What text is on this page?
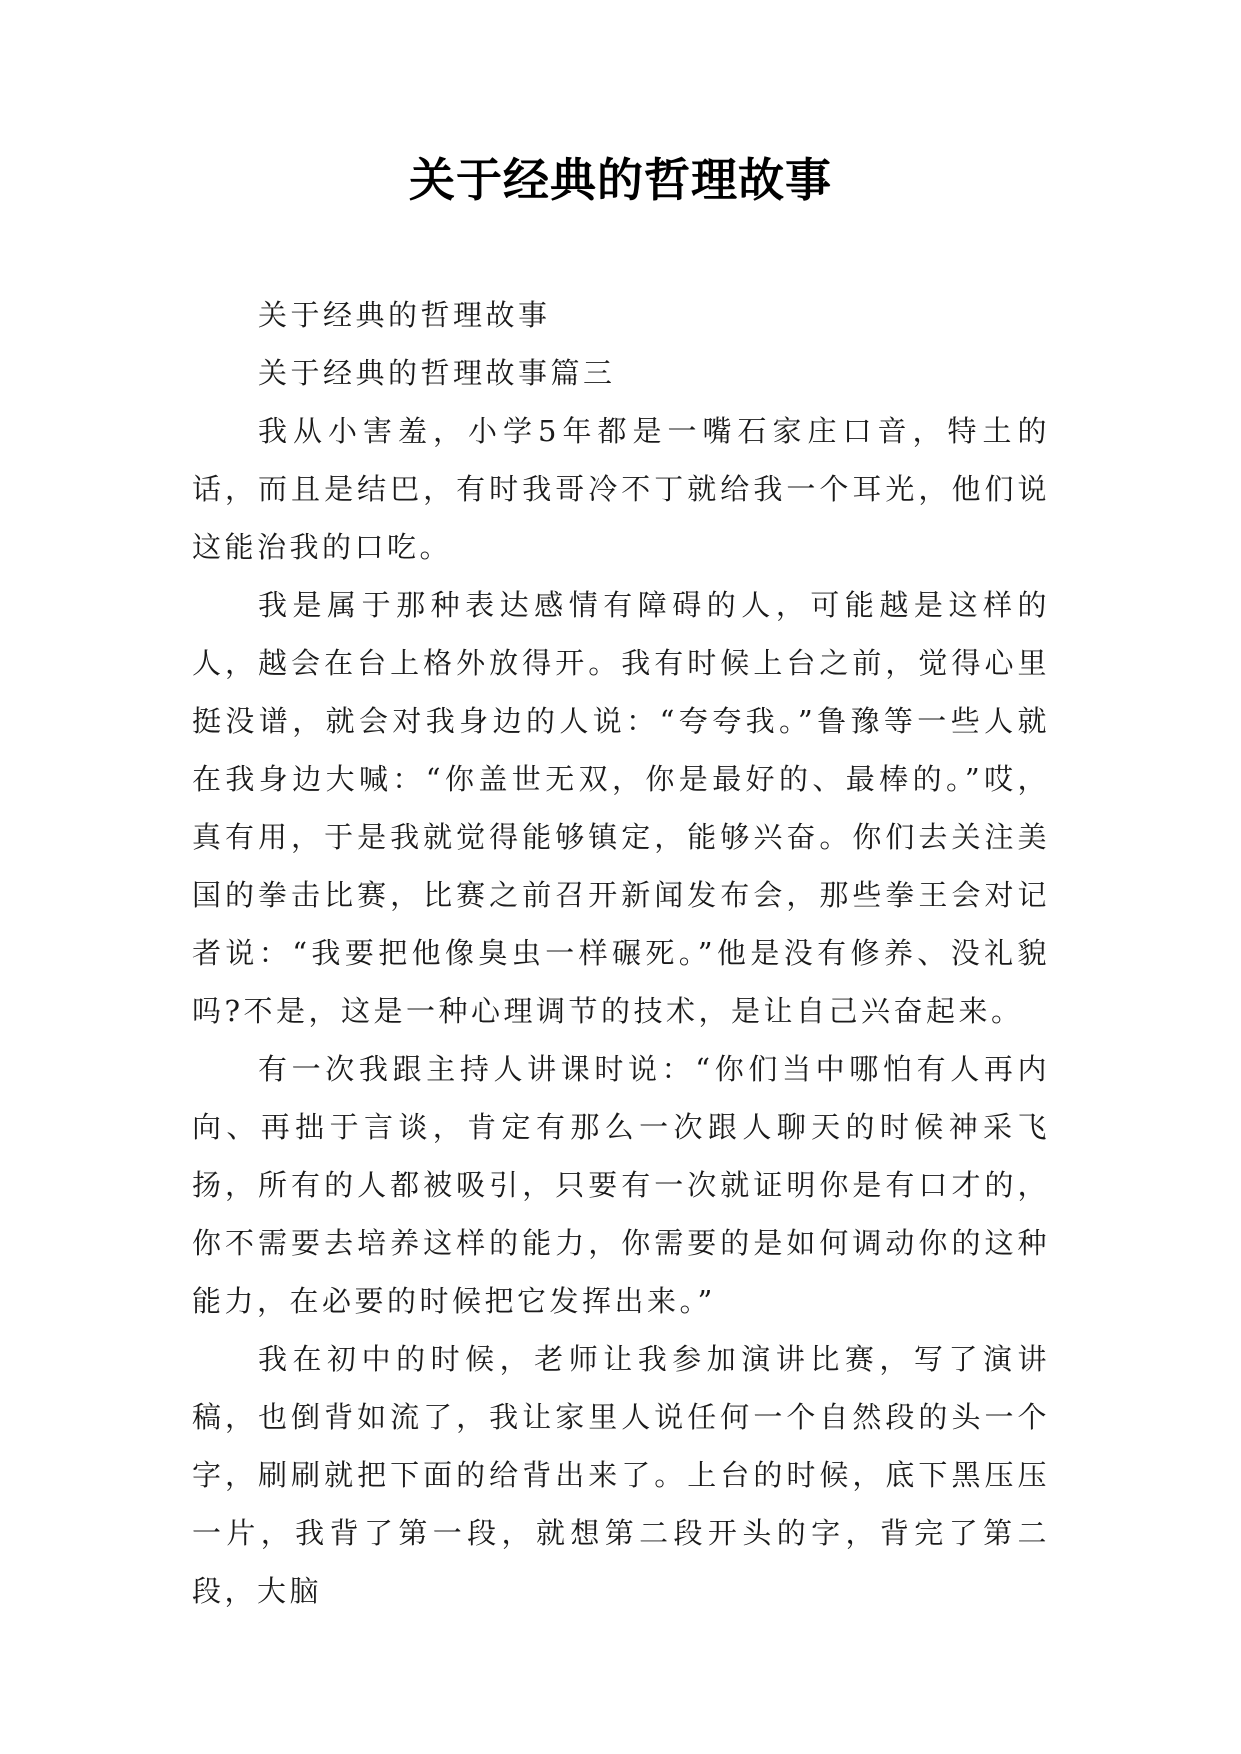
关于经典的哲理故事

关于经典的哲理故事

关于经典的哲理故事篇三

我从小害羞，小学5年都是一嘴石家庄口音，特土的话，而且是结巴，有时我哥冷不丁就给我一个耳光，他们说这能治我的口吃。

我是属于那种表达感情有障碍的人，可能越是这样的人，越会在台上格外放得开。我有时候上台之前，觉得心里挺没谱，就会对我身边的人说：“夸夸我。”鲁豫等一些人就在我身边大喊：“你盖世无双，你是最好的、最棒的。”哎，真有用，于是我就觉得能够镇定，能够兴奋。你们去关注美国的拳击比赛，比赛之前召开新闻发布会，那些拳王会对记者说：“我要把他像臭虫一样碾死。”他是没有修养、没礼貌吗?不是，这是一种心理调节的技术，是让自己兴奋起来。

有一次我跟主持人讲课时说：“你们当中哪怕有人再内向、再拙于言谈，肯定有那么一次跟人聊天的时候神采飞扬，所有的人都被吸引，只要有一次就证明你是有口才的，你不需要去培养这样的能力，你需要的是如何调动你的这种能力，在必要的时候把它发挥出来。”

我在初中的时候，老师让我参加演讲比赛，写了演讲稿，也倒背如流了，我让家里人说任何一个自然段的头一个字，刷刷就把下面的给背出来了。上台的时候，底下黑压压一片，我背了第一段，就想第二段开头的字，背完了第二段，大脑
